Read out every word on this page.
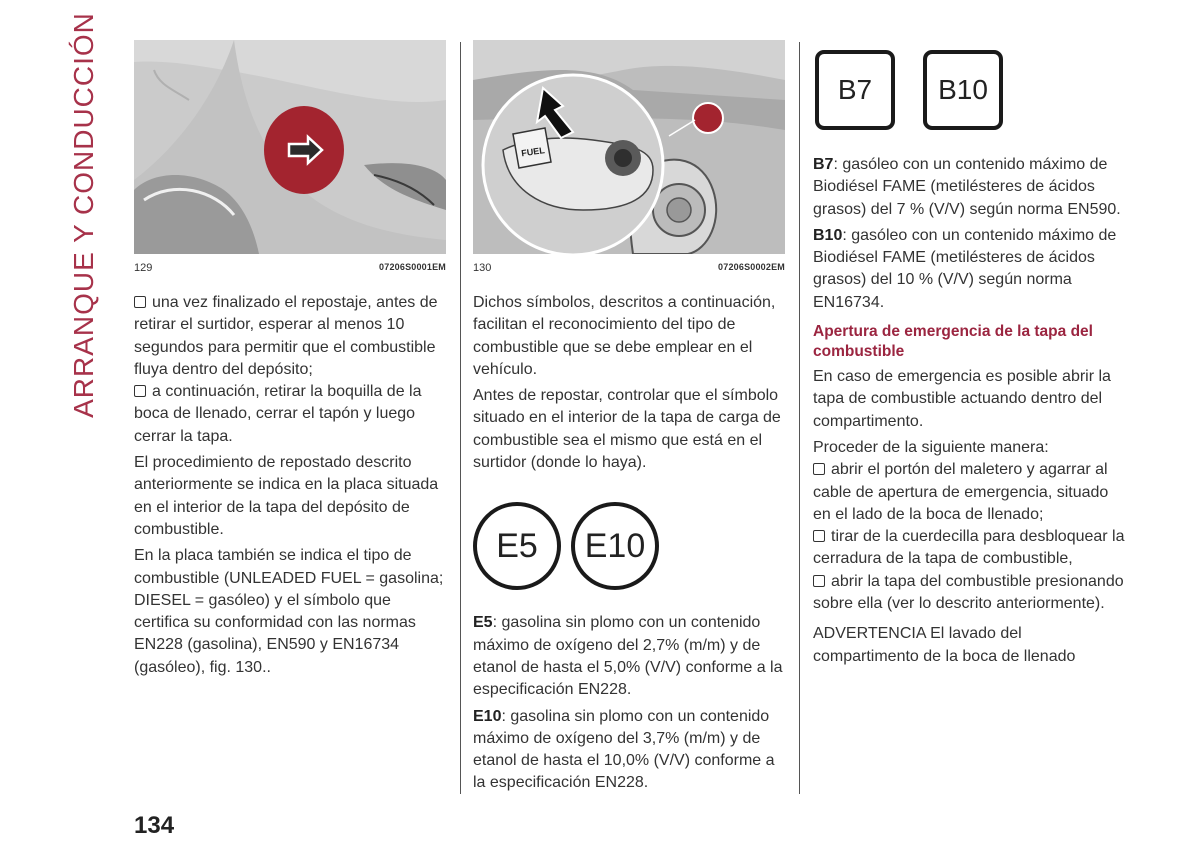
ARRANQUE Y CONDUCCIÓN	129	07206S0001EM

una vez finalizado el repostaje, antes de retirar el surtidor, esperar al menos 10 segundos para permitir que el combustible fluya dentro del depósito;
a continuación, retirar la boquilla de la boca de llenado, cerrar el tapón y luego cerrar la tapa.

El procedimiento de repostado descrito anteriormente se indica en la placa situada en el interior de la tapa del depósito de combustible.

En la placa también se indica el tipo de combustible (UNLEADED FUEL = gasolina; DIESEL = gasóleo) y el símbolo que certifica su conformidad con las normas EN228 (gasolina), EN590 y EN16734 (gasóleo), fig. 130..

FUEL
130	07206S0002EM

Dichos símbolos, descritos a continuación, facilitan el reconocimiento del tipo de combustible que se debe emplear en el vehículo.

Antes de repostar, controlar que el símbolo situado en el interior de la tapa de carga de combustible sea el mismo que está en el surtidor (donde lo haya).

E5	E10

E5: gasolina sin plomo con un contenido máximo de oxígeno del 2,7% (m/m) y de etanol de hasta el 5,0% (V/V) conforme a la especificación EN228.

E10: gasolina sin plomo con un contenido máximo de oxígeno del 3,7% (m/m) y de etanol de hasta el 10,0% (V/V) conforme a la especificación EN228.

B7	B10

B7: gasóleo con un contenido máximo de Biodiésel FAME (metilésteres de ácidos grasos) del 7 % (V/V) según norma EN590.

B10: gasóleo con un contenido máximo de Biodiésel FAME (metilésteres de ácidos grasos) del 10 % (V/V) según norma EN16734.

Apertura de emergencia de la tapa del combustible

En caso de emergencia es posible abrir la tapa de combustible actuando dentro del compartimento.

Proceder de la siguiente manera:
abrir el portón del maletero y agarrar al cable de apertura de emergencia, situado en el lado de la boca de llenado;
tirar de la cuerdecilla para desbloquear la cerradura de la tapa de combustible,
abrir la tapa del combustible presionando sobre ella (ver lo descrito anteriormente).

ADVERTENCIA El lavado del compartimento de la boca de llenado

134
